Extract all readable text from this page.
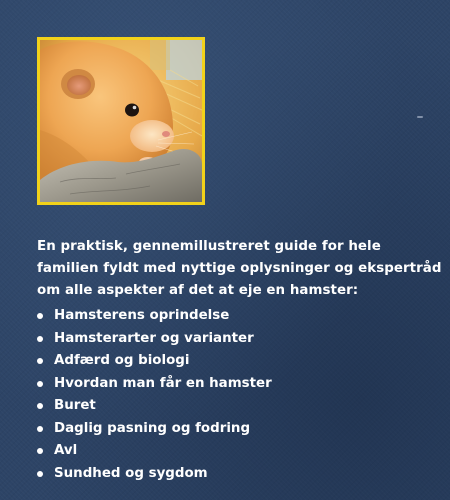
En praktisk, gennemillustreret guide for hele familien fyldt med nyttige oplysninger og ekspertråd om alle aspekter af det at eje en hamster:

Hamsterens oprindelse
Hamsterarter og varianter
Adfærd og biologi
Hvordan man får en hamster
Buret
Daglig pasning og fodring
Avl
Sundhed og sygdom
